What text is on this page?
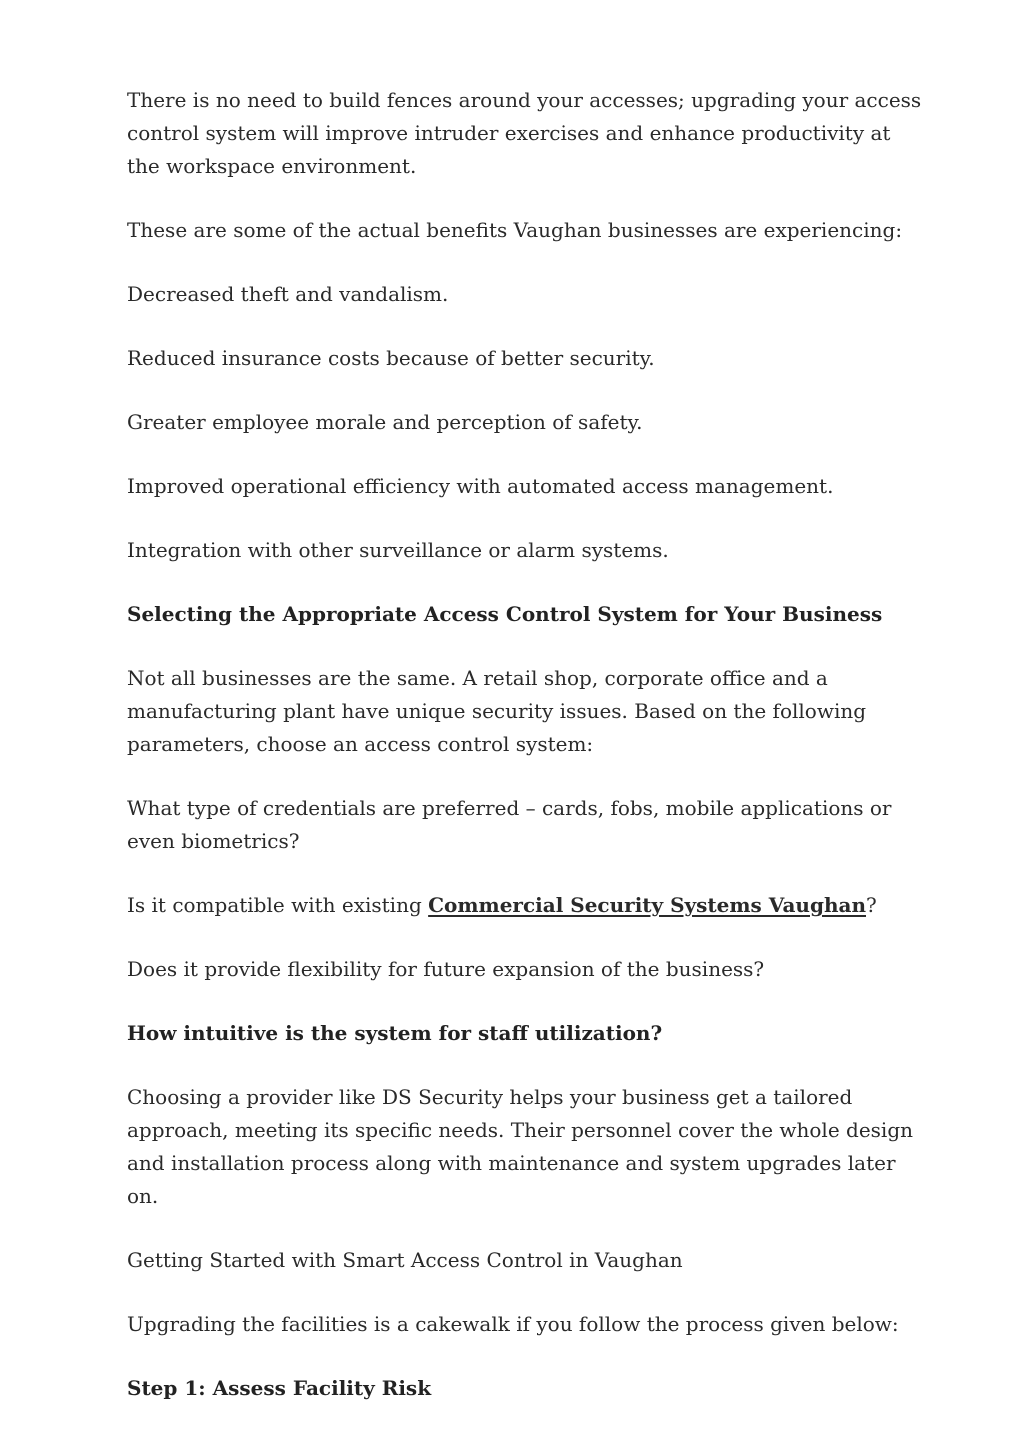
There is no need to build fences around your accesses; upgrading your access control system will improve intruder exercises and enhance productivity at the workspace environment.

These are some of the actual benefits Vaughan businesses are experiencing:

Decreased theft and vandalism.

Reduced insurance costs because of better security.

Greater employee morale and perception of safety.

Improved operational efficiency with automated access management.

Integration with other surveillance or alarm systems.

Selecting the Appropriate Access Control System for Your Business

Not all businesses are the same. A retail shop, corporate office and a manufacturing plant have unique security issues. Based on the following parameters, choose an access control system:

What type of credentials are preferred – cards, fobs, mobile applications or even biometrics?

Is it compatible with existing Commercial Security Systems Vaughan?

Does it provide flexibility for future expansion of the business?

How intuitive is the system for staff utilization?

Choosing a provider like DS Security helps your business get a tailored approach, meeting its specific needs. Their personnel cover the whole design and installation process along with maintenance and system upgrades later on.

Getting Started with Smart Access Control in Vaughan

Upgrading the facilities is a cakewalk if you follow the process given below:

Step 1: Assess Facility Risk
